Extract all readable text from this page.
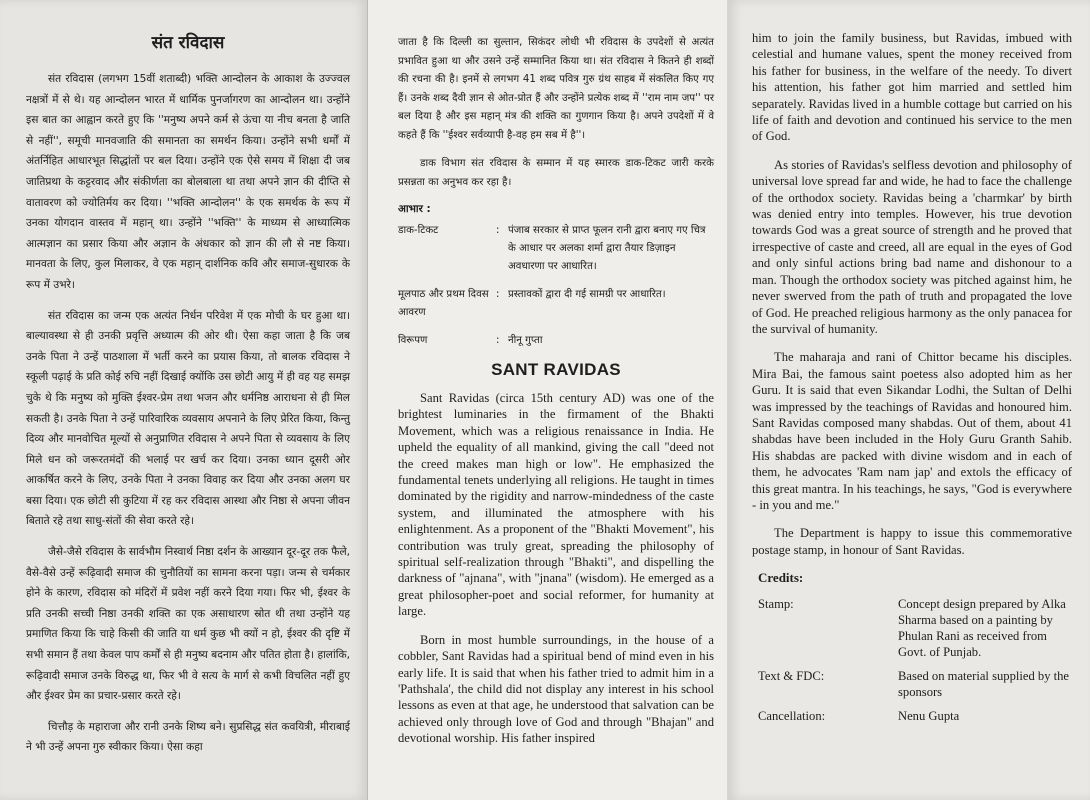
संत रविदास

संत रविदास (लगभग 15वीं शताब्दी) भक्ति आन्दोलन के आकाश के उज्ज्वल नक्षत्रों में से थे। यह आन्दोलन भारत में धार्मिक पुनर्जागरण का आन्दोलन था। उन्होंने इस बात का आह्वान करते हुए कि ''मनुष्य अपने कर्म से ऊंचा या नीच बनता है जाति से नहीं'', समूची मानवजाति की समानता का समर्थन किया। उन्होंने सभी धर्मों में अंतर्निहित आधारभूत सिद्धांतों पर बल दिया। उन्होंने एक ऐसे समय में शिक्षा दी जब जातिप्रथा के कट्टरवाद और संकीर्णता का बोलबाला था तथा अपने ज्ञान की दीप्ति से वातावरण को ज्योतिर्मय कर दिया। ''भक्ति आन्दोलन'' के एक समर्थक के रूप में उनका योगदान वास्तव में महान् था। उन्होंने ''भक्ति'' के माध्यम से आध्यात्मिक आत्मज्ञान का प्रसार किया और अज्ञान के अंधकार को ज्ञान की लौ से नष्ट किया। मानवता के लिए, कुल मिलाकर, वे एक महान् दार्शनिक कवि और समाज-सुधारक के रूप में उभरे।

संत रविदास का जन्म एक अत्यंत निर्धन परिवेश में एक मोची के घर हुआ था। बाल्यावस्था से ही उनकी प्रवृत्ति अध्यात्म की ओर थी। ऐसा कहा जाता है कि जब उनके पिता ने उन्हें पाठशाला में भर्ती करने का प्रयास किया, तो बालक रविदास ने स्कूली पढ़ाई के प्रति कोई रुचि नहीं दिखाई क्योंकि उस छोटी आयु में ही वह यह समझ चुके थे कि मनुष्य को मुक्ति ईश्वर-प्रेम तथा भजन और धर्मनिष्ठ आराधना से ही मिल सकती है। उनके पिता ने उन्हें पारिवारिक व्यवसाय अपनाने के लिए प्रेरित किया, किन्तु दिव्य और मानवोचित मूल्यों से अनुप्राणित रविदास ने अपने पिता से व्यवसाय के लिए मिले धन को जरूरतमंदों की भलाई पर खर्च कर दिया। उनका ध्यान दूसरी ओर आकर्षित करने के लिए, उनके पिता ने उनका विवाह कर दिया और उनका अलग घर बसा दिया। एक छोटी सी कुटिया में रह कर रविदास आस्था और निष्ठा से अपना जीवन बिताते रहे तथा साधु-संतों की सेवा करते रहे।

जैसे-जैसे रविदास के सार्वभौम निस्वार्थ निष्ठा दर्शन के आख्यान दूर-दूर तक फैले, वैसे-वैसे उन्हें रूढ़िवादी समाज की चुनौतियों का सामना करना पड़ा। जन्म से चर्मकार होने के कारण, रविदास को मंदिरों में प्रवेश नहीं करने दिया गया। फिर भी, ईश्वर के प्रति उनकी सच्ची निष्ठा उनकी शक्ति का एक असाधारण स्रोत थी तथा उन्होंने यह प्रमाणित किया कि चाहे किसी की जाति या धर्म कुछ भी क्यों न हो, ईश्वर की दृष्टि में सभी समान हैं तथा केवल पाप कर्मों से ही मनुष्य बदनाम और पतित होता है। हालांकि, रूढ़िवादी समाज उनके विरुद्ध था, फिर भी वे सत्य के मार्ग से कभी विचलित नहीं हुए और ईश्वर प्रेम का प्रचार-प्रसार करते रहे।

चित्तौड़ के महाराजा और रानी उनके शिष्य बने। सुप्रसिद्ध संत कवयित्री, मीराबाई ने भी उन्हें अपना गुरु स्वीकार किया। ऐसा कहा

जाता है कि दिल्ली का सुल्तान, सिकंदर लोधी भी रविदास के उपदेशों से अत्यंत प्रभावित हुआ था और उसने उन्हें सम्मानित किया था। संत रविदास ने कितने ही शब्दों की रचना की है। इनमें से लगभग 41 शब्द पवित्र गुरु ग्रंथ साहब में संकलित किए गए हैं। उनके शब्द दैवी ज्ञान से ओत-प्रोत हैं और उन्होंने प्रत्येक शब्द में ''राम नाम जप'' पर बल दिया है और इस महान् मंत्र की शक्ति का गुणगान किया है। अपने उपदेशों में वे कहते हैं कि ''ईश्वर सर्वव्यापी है-वह हम सब में है''।

डाक विभाग संत रविदास के सम्मान में यह स्मारक डाक-टिकट जारी करके प्रसन्नता का अनुभव कर रहा है।

आभार :
डाक-टिकट	: पंजाब सरकार से प्राप्त फूलन रानी द्वारा बनाए गए चित्र के आधार पर अलका शर्मा द्वारा तैयार डिज़ाइन अवधारणा पर आधारित।
मूलपाठ और प्रथम दिवस आवरण
: प्रस्तावकों द्वारा दी गई सामग्री पर आधारित।
विरूपण	: नीनू गुप्ता
SANT RAVIDAS

Sant Ravidas (circa 15th century AD) was one of the brightest luminaries in the firmament of the Bhakti Movement, which was a religious renaissance in India. He upheld the equality of all mankind, giving the call "deed not the creed makes man high or low". He emphasized the fundamental tenets underlying all religions. He taught in times dominated by the rigidity and narrow-mindedness of the caste system, and illuminated the atmosphere with his enlightenment. As a proponent of the "Bhakti Movement", his contribution was truly great, spreading the philosophy of spiritual self-realization through "Bhakti", and dispelling the darkness of "ajnana", with "jnana" (wisdom). He emerged as a great philosopher-poet and social reformer, for humanity at large.

Born in most humble surroundings, in the house of a cobbler, Sant Ravidas had a spiritual bend of mind even in his early life. It is said that when his father tried to admit him in a 'Pathshala', the child did not display any interest in his school lessons as even at that age, he understood that salvation can be achieved only through love of God and through "Bhajan" and devotional worship. His father inspired

him to join the family business, but Ravidas, imbued with celestial and humane values, spent the money received from his father for business, in the welfare of the needy. To divert his attention, his father got him married and settled him separately. Ravidas lived in a humble cottage but carried on his life of faith and devotion and continued his service to the men of God.

As stories of Ravidas's selfless devotion and philosophy of universal love spread far and wide, he had to face the challenge of the orthodox society. Ravidas being a 'charmkar' by birth was denied entry into temples. However, his true devotion towards God was a great source of strength and he proved that irrespective of caste and creed, all are equal in the eyes of God and only sinful actions bring bad name and dishonour to a man. Though the orthodox society was pitched against him, he never swerved from the path of truth and propagated the love of God. He preached religious harmony as the only panacea for the survival of humanity.

The maharaja and rani of Chittor became his disciples. Mira Bai, the famous saint poetess also adopted him as her Guru. It is said that even Sikandar Lodhi, the Sultan of Delhi was impressed by the teachings of Ravidas and honoured him. Sant Ravidas composed many shabdas. Out of them, about 41 shabdas have been included in the Holy Guru Granth Sahib. His shabdas are packed with divine wisdom and in each of them, he advocates 'Ram nam jap' and extols the efficacy of this great mantra. In his teachings, he says, "God is everywhere - in you and me."

The Department is happy to issue this commemorative postage stamp, in honour of Sant Ravidas.

Credits:
Stamp:	Concept design prepared by Alka Sharma based on a painting by Phulan Rani as received from Govt. of Punjab.
Text & FDC:	Based on material supplied by the sponsors
Cancellation:	Nenu Gupta
